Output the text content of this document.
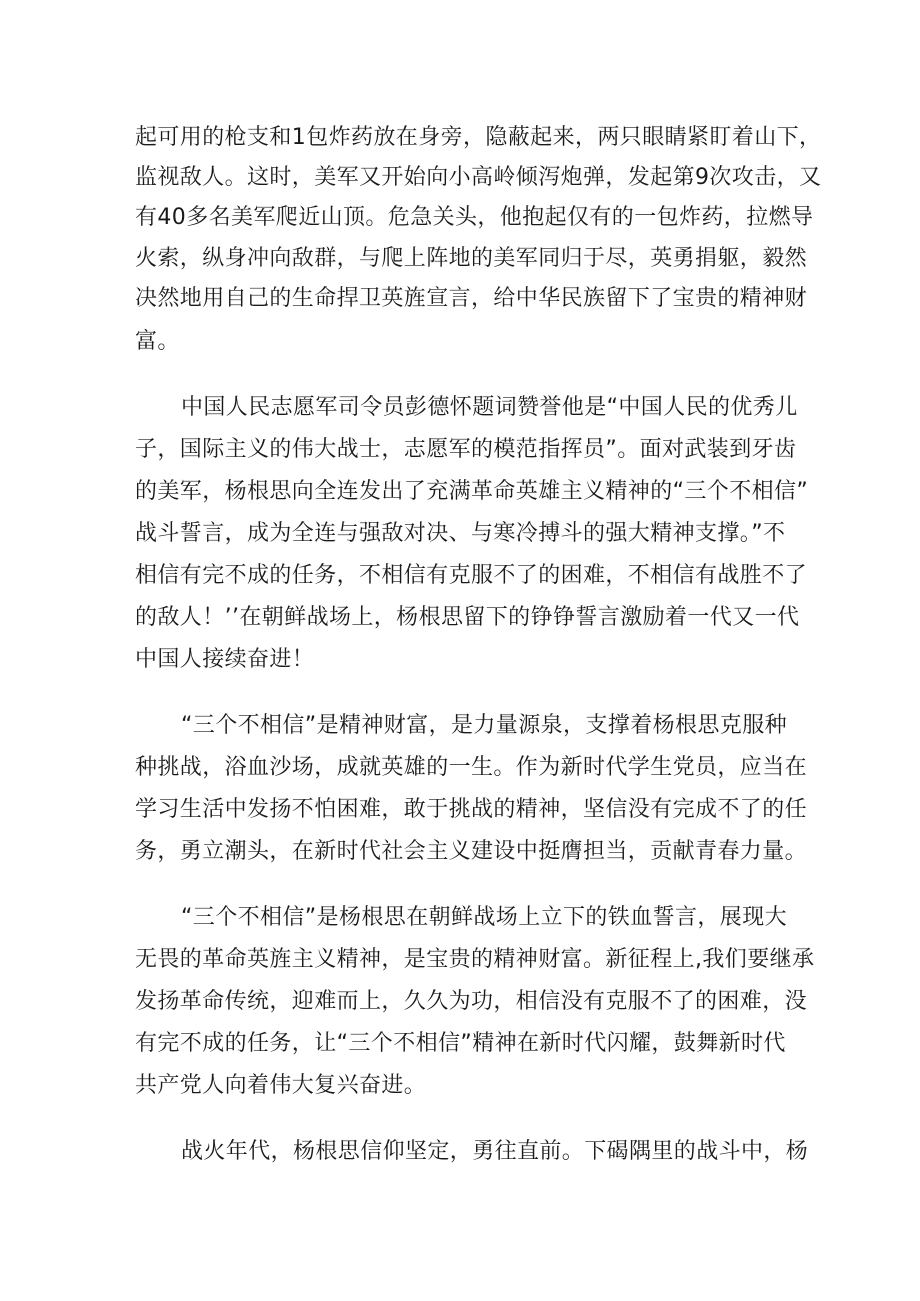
起可用的枪支和1包炸药放在身旁，隐蔽起来，两只眼睛紧盯着山下，

监视敌人。这时，美军又开始向小高岭倾泻炮弹，发起第9次攻击，又

有40多名美军爬近山顶。危急关头，他抱起仅有的一包炸药，拉燃导

火索，纵身冲向敌群，与爬上阵地的美军同归于尽，英勇捐躯，毅然

决然地用自己的生命捍卫英旌宣言，给中华民族留下了宝贵的精神财

富。

中国人民志愿军司令员彭德怀题词赞誉他是“中国人民的优秀儿

子，国际主义的伟大战士，志愿军的模范指挥员”。面对武装到牙齿

的美军，杨根思向全连发出了充满革命英雄主义精神的“三个不相信”

战斗誓言，成为全连与强敌对决、与寒冷搏斗的强大精神支撑。”不

相信有完不成的任务，不相信有克服不了的困难，不相信有战胜不了

的敌人！’’在朝鲜战场上，杨根思留下的铮铮誓言激励着一代又一代

中国人接续奋进！

“三个不相信”是精神财富，是力量源泉，支撑着杨根思克服种

种挑战，浴血沙场，成就英雄的一生。作为新时代学生党员，应当在

学习生活中发扬不怕困难，敢于挑战的精神，坚信没有完成不了的任

务，勇立潮头，在新时代社会主义建设中挺膺担当，贡献青春力量。

“三个不相信”是杨根思在朝鲜战场上立下的铁血誓言，展现大

无畏的革命英旌主义精神，是宝贵的精神财富。新征程上,我们要继承

发扬革命传统，迎难而上，久久为功，相信没有克服不了的困难，没

有完不成的任务，让“三个不相信”精神在新时代闪耀，鼓舞新时代

共产党人向着伟大复兴奋进。

战火年代，杨根思信仰坚定，勇往直前。下碣隅里的战斗中，杨
